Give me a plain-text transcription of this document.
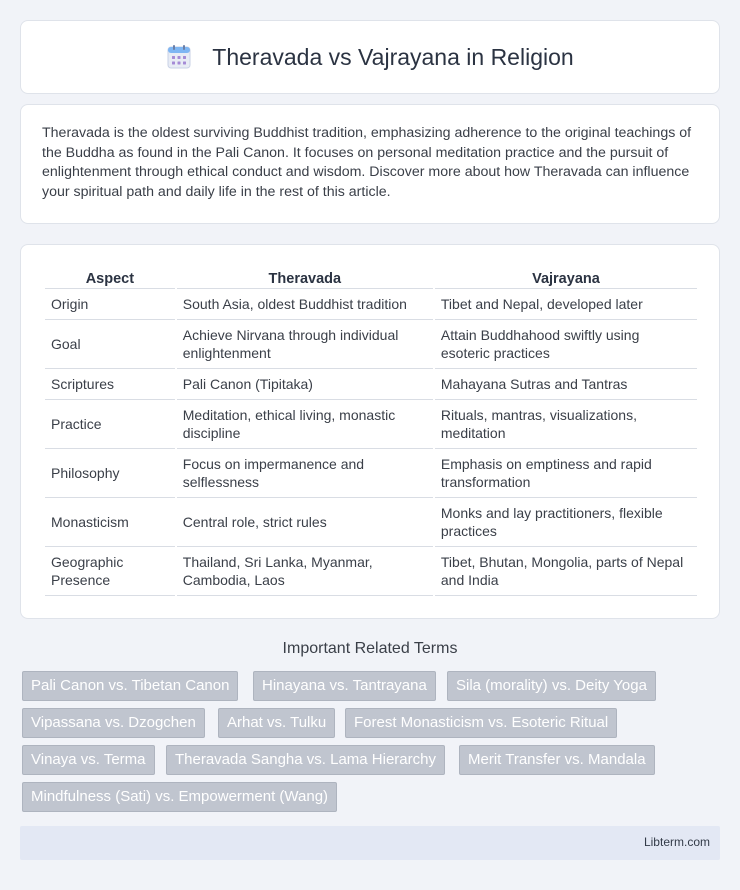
Theravada vs Vajrayana in Religion

Theravada is the oldest surviving Buddhist tradition, emphasizing adherence to the original teachings of the Buddha as found in the Pali Canon. It focuses on personal meditation practice and the pursuit of enlightenment through ethical conduct and wisdom. Discover more about how Theravada can influence your spiritual path and daily life in the rest of this article.

Aspect	Theravada	Vajrayana
Origin	South Asia, oldest Buddhist tradition	Tibet and Nepal, developed later
Goal	Achieve Nirvana through individual enlightenment	Attain Buddhahood swiftly using esoteric practices
Scriptures	Pali Canon (Tipitaka)	Mahayana Sutras and Tantras
Practice	Meditation, ethical living, monastic discipline	Rituals, mantras, visualizations, meditation
Philosophy	Focus on impermanence and selflessness	Emphasis on emptiness and rapid transformation
Monasticism	Central role, strict rules	Monks and lay practitioners, flexible practices
Geographic Presence	Thailand, Sri Lanka, Myanmar, Cambodia, Laos	Tibet, Bhutan, Mongolia, parts of Nepal and India
Important Related Terms
Pali Canon vs. Tibetan Canon	Hinayana vs. Tantrayana	Sila (morality) vs. Deity Yoga
Vipassana vs. Dzogchen	Arhat vs. Tulku	Forest Monasticism vs. Esoteric Ritual
Vinaya vs. Terma	Theravada Sangha vs. Lama Hierarchy	Merit Transfer vs. Mandala
Mindfulness (Sati) vs. Empowerment (Wang)
Libterm.com
